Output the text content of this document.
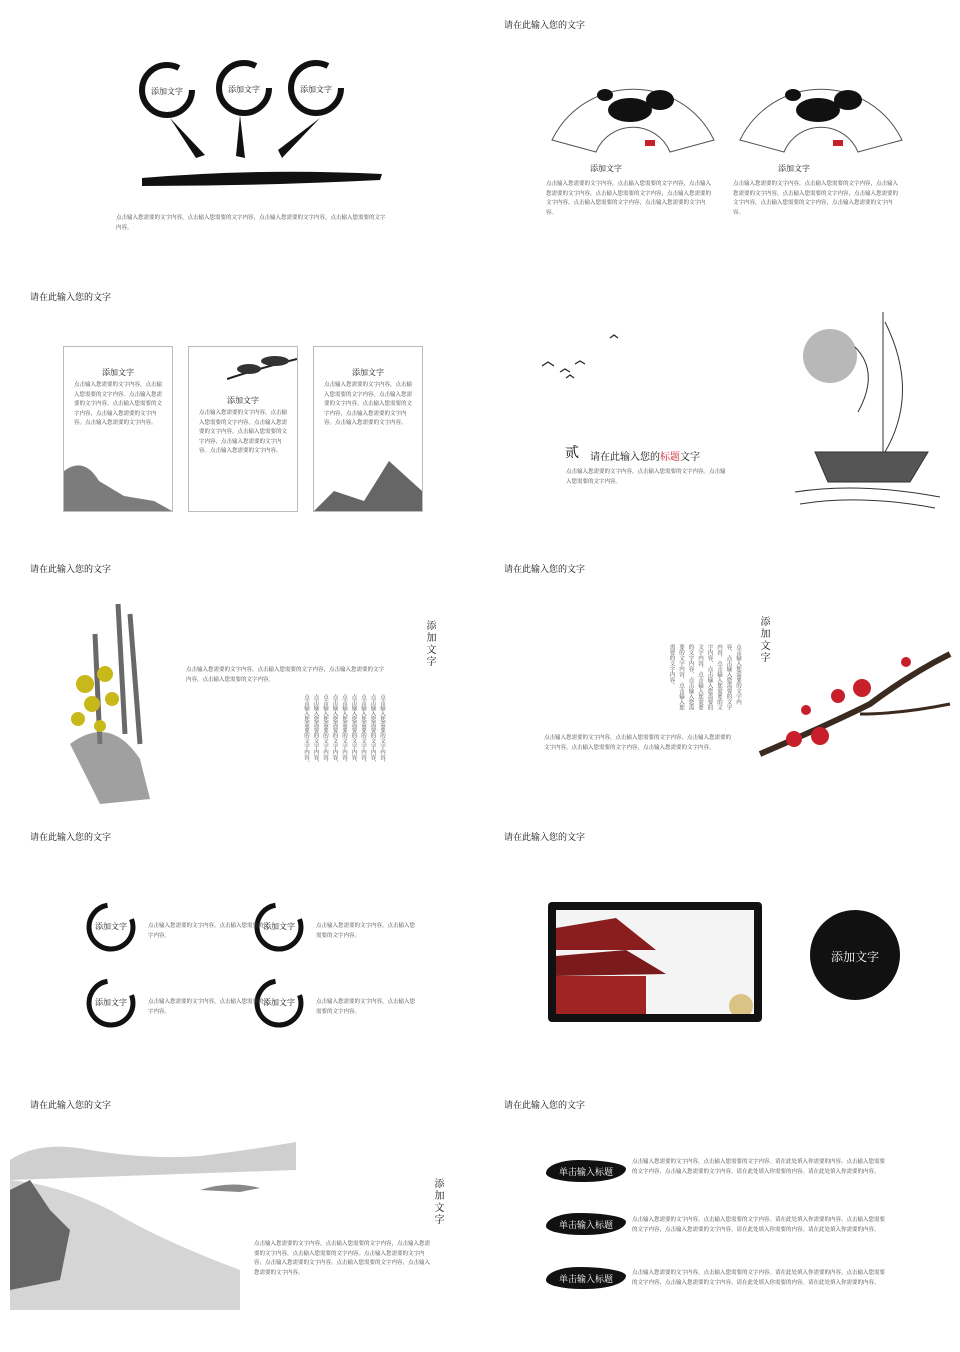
添加文字	添加文字	添加文字
点击输入您需要的文字内容，点击输入您需要的文字内容，点击输入您需要的文字内容，点击输入您需要的文字内容。
请在此输入您的文字
添加文字
点击输入您需要的文字内容，点击输入您需要的文字内容，点击输入您需要的文字内容，点击输入您需要的文字内容，点击输入您需要的文字内容，点击输入您需要的文字内容，点击输入您需要的文字内容。
添加文字
点击输入您需要的文字内容，点击输入您需要的文字内容，点击输入您需要的文字内容，点击输入您需要的文字内容，点击输入您需要的文字内容，点击输入您需要的文字内容，点击输入您需要的文字内容。
请在此输入您的文字
添加文字
点击输入您需要的文字内容，点击输入您需要的文字内容。点击输入您需要的文字内容。点击输入您需要的文字内容，点击输入您需要的文字内容。点击输入您需要的文字内容。
添加文字
点击输入您需要的文字内容，点击输入您需要的文字内容。点击输入您需要的文字内容。点击输入您需要的文字内容，点击输入您需要的文字内容。点击输入您需要的文字内容。
添加文字
点击输入您需要的文字内容，点击输入您需要的文字内容。点击输入您需要的文字内容。点击输入您需要的文字内容，点击输入您需要的文字内容。点击输入您需要的文字内容。
贰 请在此输入您的标题文字
点击输入您需要的文字内容，点击输入您需要的文字内容。点击输入您需要的文字内容。
请在此输入您的文字
添加文字
点击输入您需要的文字内容，点击输入您需要的文字内容，点击输入您需要的文字内容，点击输入您需要的文字内容。
点击输入您需要的文字内容，点击输入您需要的文字内容，点击输入您需要的文字内容，点击输入您需要的文字内容，点击输入您需要的文字内容，点击输入您需要的文字内容，点击输入您需要的文字内容，点击输入您需要的文字内容，点击输入您需要的文字内容。
请在此输入您的文字
添加文字
点击输入您需要的文字内容，点击输入您需要的文字内容，点击输入您需要的文字内容，点击输入您需要的文字内容，点击输入您需要的文字内容，点击输入您需要的文字内容，点击输入您需要的文字内容。
点击输入您需要的文字内容，点击输入您需要的文字内容，点击输入您需要的文字内容，点击输入您需要的文字内容，点击输入您需要的文字内容。
请在此输入您的文字
添加文字	点击输入您需要的文字内容，点击输入您需要的文字内容。
添加文字	点击输入您需要的文字内容，点击输入您需要的文字内容。
添加文字	点击输入您需要的文字内容，点击输入您需要的文字内容。
添加文字	点击输入您需要的文字内容，点击输入您需要的文字内容。
请在此输入您的文字
添加文字
请在此输入您的文字
添加文字
点击输入您需要的文字内容，点击输入您需要的文字内容，点击输入您需要的文字内容，点击输入您需要的文字内容。点击输入您需要的文字内容，点击输入您需要的文字内容，点击输入您需要的文字内容，点击输入您需要的文字内容。
请在此输入您的文字
单击输入标题
点击输入您需要的文字内容，点击输入您需要的文字内容。请在此处填入你需要的内容。点击输入您需要的文字内容，点击输入您需要的文字内容。请在此处填入你需要的内容。请在此处填入你需要的内容。
单击输入标题
点击输入您需要的文字内容，点击输入您需要的文字内容。请在此处填入你需要的内容。点击输入您需要的文字内容，点击输入您需要的文字内容。请在此处填入你需要的内容。请在此处填入你需要的内容。
单击输入标题
点击输入您需要的文字内容，点击输入您需要的文字内容。请在此处填入你需要的内容。点击输入您需要的文字内容，点击输入您需要的文字内容。请在此处填入你需要的内容。请在此处填入你需要的内容。
